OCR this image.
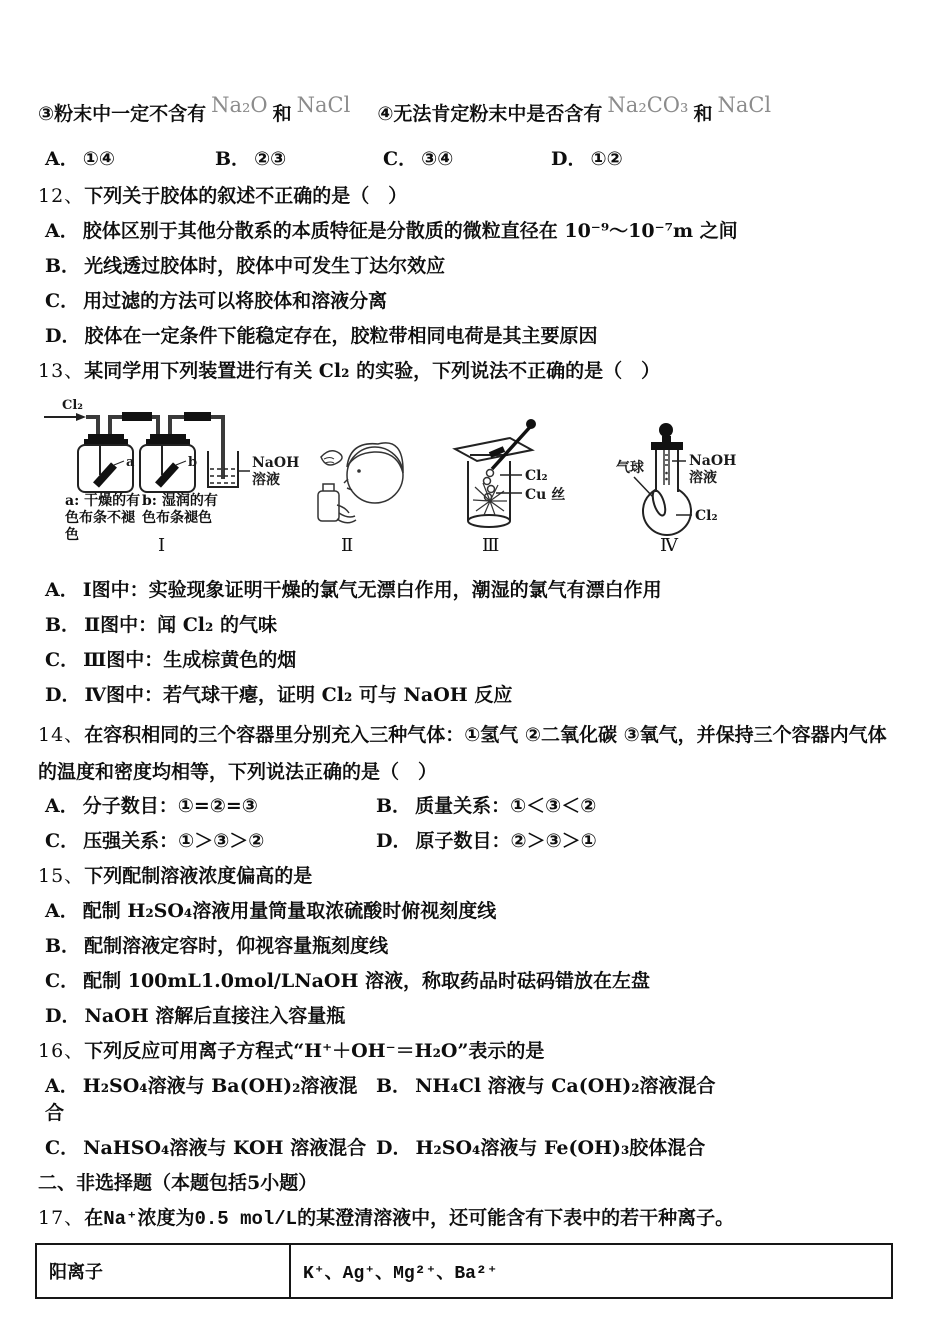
③粉末中一定不含有 Na₂O 和 NaCl ④无法肯定粉末中是否含有 Na₂CO₃ 和 NaCl
A． ①④	B． ②③	C． ③④	D． ①②
12、下列关于胶体的叙述不正确的是（　）
A． 胶体区别于其他分散系的本质特征是分散质的微粒直径在 10⁻⁹～10⁻⁷m 之间
B． 光线透过胶体时，胶体中可发生丁达尔效应
C． 用过滤的方法可以将胶体和溶液分离
D． 胶体在一定条件下能稳定存在，胶粒带相同电荷是其主要原因
13、某同学用下列装置进行有关 Cl₂ 的实验，下列说法不正确的是（　）
Cl₂
a	b	NaOH
溶液	Cl₂
Cu 丝
气球	NaOH
溶液
Cl₂
a: 干燥的有色布条不褪色
b: 湿润的有色布条褪色
Ⅰ	Ⅱ	Ⅲ	Ⅳ
A． Ⅰ图中：实验现象证明干燥的氯气无漂白作用，潮湿的氯气有漂白作用
B． Ⅱ图中：闻 Cl₂ 的气味
C． Ⅲ图中：生成棕黄色的烟
D． Ⅳ图中：若气球干瘪，证明 Cl₂ 可与 NaOH 反应
14、在容积相同的三个容器里分别充入三种气体：①氢气 ②二氧化碳 ③氧气，并保持三个容器内气体的温度和密度均相等，下列说法正确的是（　）
A． 分子数目：①=②=③	B． 质量关系：①＜③＜②
C． 压强关系：①＞③＞②	D． 原子数目：②＞③＞①
15、下列配制溶液浓度偏高的是
A． 配制 H₂SO₄溶液用量筒量取浓硫酸时俯视刻度线
B． 配制溶液定容时，仰视容量瓶刻度线
C． 配制 100mL1.0mol/LNaOH 溶液，称取药品时砝码错放在左盘
D． NaOH 溶解后直接注入容量瓶
16、下列反应可用离子方程式“H⁺＋OH⁻＝H₂O”表示的是
A． H₂SO₄溶液与 Ba(OH)₂溶液混合
B． NH₄Cl 溶液与 Ca(OH)₂溶液混合
C． NaHSO₄溶液与 KOH 溶液混合 D． H₂SO₄溶液与 Fe(OH)₃胶体混合
二、非选择题（本题包括5小题）
17、在Na⁺浓度为0.5 mol/L的某澄清溶液中，还可能含有下表中的若干种离子。
阳离子	K⁺、Ag⁺、Mg²⁺、Ba²⁺
